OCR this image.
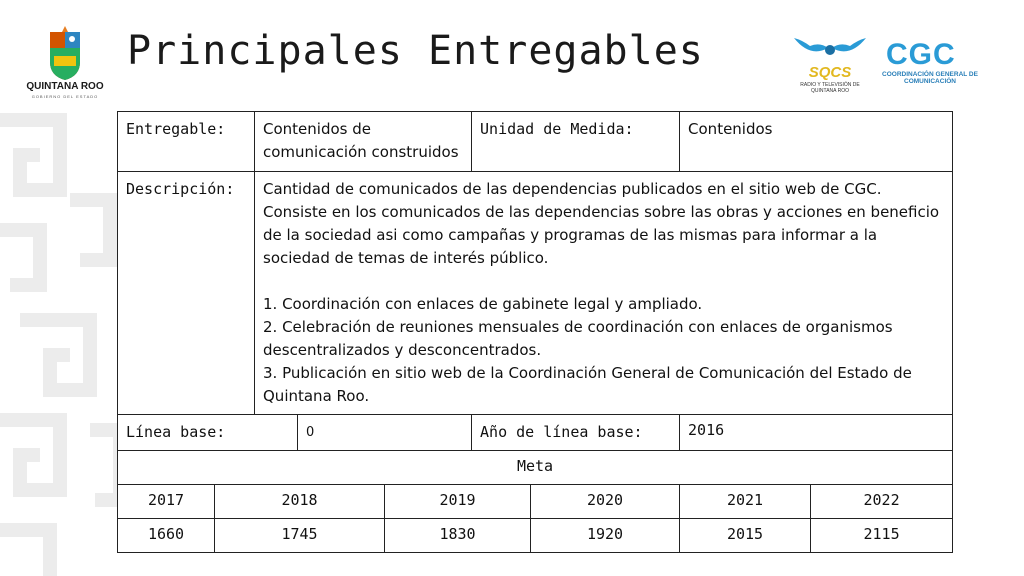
QUINTANA ROO
GOBIERNO DEL ESTADO
Principales Entregables	SQCS
RADIO Y TELEVISIÓN DE QUINTANA ROO
CGC
COORDINACIÓN GENERAL DE COMUNICACIÓN
Entregable:		Contenidos de comunicación construidos			Unidad de Medida:		Contenidos	
Descripción:		Cantidad de comunicados de las dependencias publicados en el sitio web de CGC. Consiste en los comunicados de las dependencias sobre las obras y acciones en beneficio de la sociedad asi como campañas y programas de las mismas para informar a la sociedad de temas de interés público.

1. Coordinación con enlaces de gabinete legal y ampliado.

2. Celebración de reuniones mensuales de coordinación con enlaces de organismos descentralizados y desconcentrados.

3. Publicación en sitio web de la Coordinación General de Comunicación del Estado de Quintana Roo.						

Línea base:			0		Año de línea base:		2016	
Meta								
2017	2018			2019		2020	2021	2022
1660	1745			1830		1920	2015	2115
